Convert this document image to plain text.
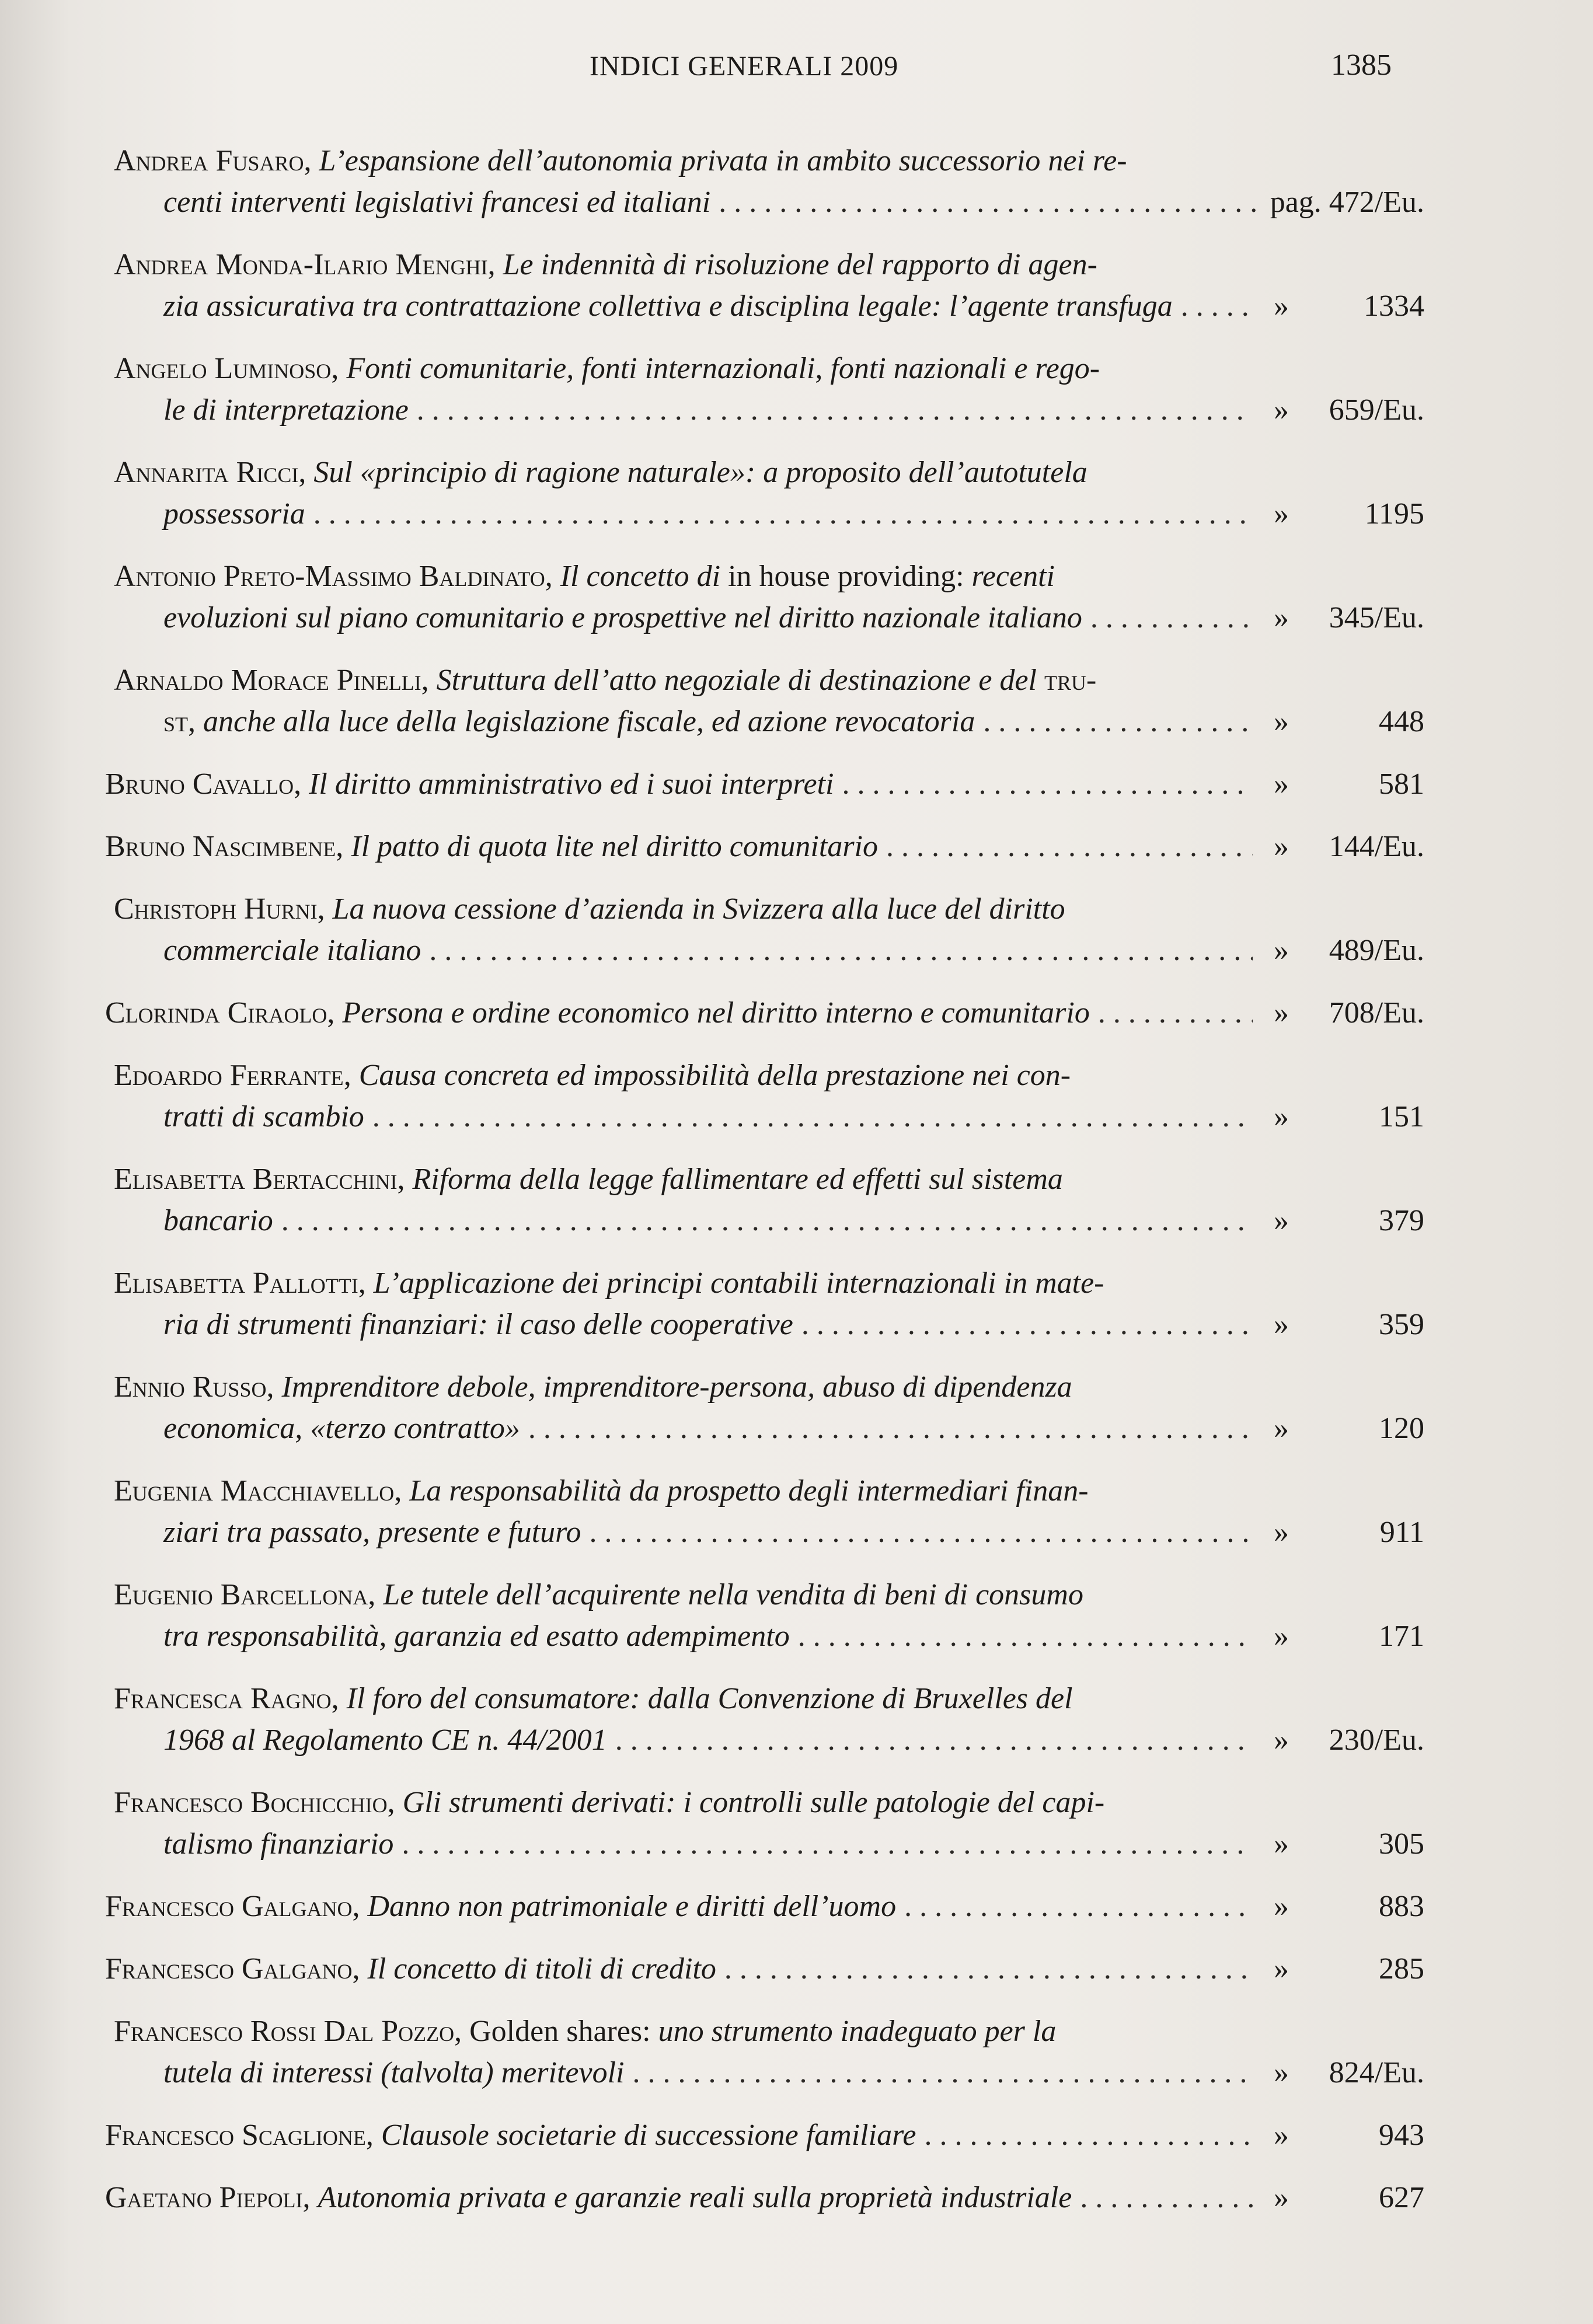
INDICI GENERALI 2009	1385
Andrea Fusaro, L’espansione dell’autonomia privata in ambito successorio nei re-
centi interventi legislativi francesi ed italiani . . .	pag. 472/Eu.
Andrea Monda-Ilario Menghi, Le indennità di risoluzione del rapporto di agen-
zia assicurativa tra contrattazione collettiva e disciplina legale: l’agente transfuga . . .	»	1334
Angelo Luminoso, Fonti comunitarie, fonti internazionali, fonti nazionali e rego-
le di interpretazione . . .	»	659/Eu.
Annarita Ricci, Sul «principio di ragione naturale»: a proposito dell’autotutela
possessoria . . .	»	1195
Antonio Preto-Massimo Baldinato, Il concetto di in house providing: recenti
evoluzioni sul piano comunitario e prospettive nel diritto nazionale italiano . . .	»	345/Eu.
Arnaldo Morace Pinelli, Struttura dell’atto negoziale di destinazione e del tru-
st,
anche alla luce della legislazione fiscale, ed azione revocatoria . . .	»	448
Bruno Cavallo , Il diritto amministrativo ed i suoi interpreti . . .	»	581
Bruno Nascimbene , Il patto di quota lite nel diritto comunitario . . .	»	144/Eu.
Christoph Hurni, La nuova cessione d’azienda in Svizzera alla luce del diritto
commerciale italiano . . .	»	489/Eu.
Clorinda Ciraolo , Persona e ordine economico nel diritto interno e comunitario . . .	»	708/Eu.
Edoardo Ferrante, Causa concreta ed impossibilità della prestazione nei con-
tratti di scambio . . .	»	151
Elisabetta Bertacchini, Riforma della legge fallimentare ed effetti sul sistema
bancario . . .	»	379
Elisabetta Pallotti, L’applicazione dei principi contabili internazionali in mate-
ria di strumenti finanziari: il caso delle cooperative . . .	»	359
Ennio Russo, Imprenditore debole, imprenditore-persona, abuso di dipendenza
economica, «terzo contratto» . . .	»	120
Eugenia Macchiavello, La responsabilità da prospetto degli intermediari finan-
ziari tra passato, presente e futuro . . .	»	911
Eugenio Barcellona, Le tutele dell’acquirente nella vendita di beni di consumo
tra responsabilità, garanzia ed esatto adempimento . . .	»	171
Francesca Ragno, Il foro del consumatore: dalla Convenzione di Bruxelles del
1968 al Regolamento CE n. 44/2001 . . .	»	230/Eu.
Francesco Bochicchio, Gli strumenti derivati: i controlli sulle patologie del capi-
talismo finanziario . . .	»	305
Francesco Galgano , Danno non patrimoniale e diritti dell’uomo . . .	»	883
Francesco Galgano , Il concetto di titoli di credito . . .	»	285
Francesco Rossi Dal Pozzo, Golden shares: uno strumento inadeguato per la
tutela di interessi (talvolta) meritevoli . . .	»	824/Eu.
Francesco Scaglione , Clausole societarie di successione familiare . . .	»	943
Gaetano Piepoli , Autonomia privata e garanzie reali sulla proprietà industriale . . .	»	627
